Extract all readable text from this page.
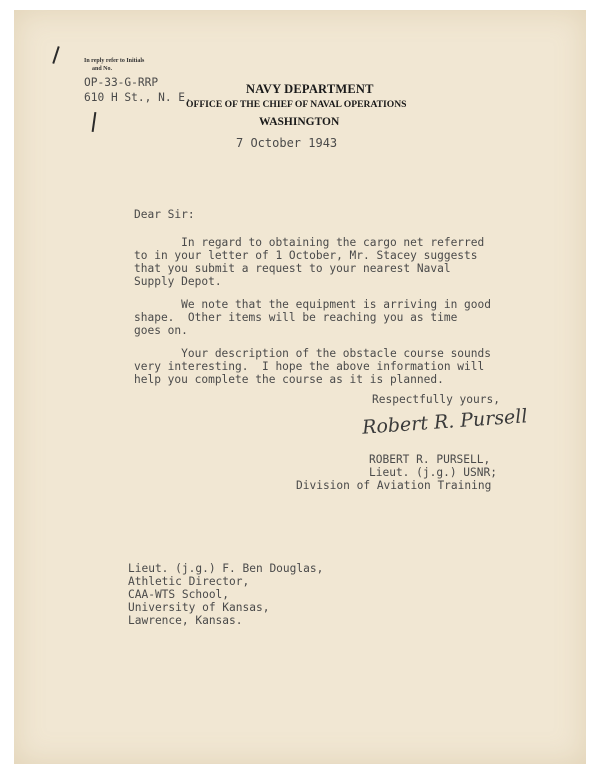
In reply refer to Initials
and No.
OP-33-G-RRP
610 H St., N. E.
NAVY DEPARTMENT
OFFICE OF THE CHIEF OF NAVAL OPERATIONS
WASHINGTON
7 October 1943
Dear Sir:
In regard to obtaining the cargo net referred
to in your letter of 1 October, Mr. Stacey suggests
that you submit a request to your nearest Naval
Supply Depot.
We note that the equipment is arriving in good
shape.  Other items will be reaching you as time
goes on.
Your description of the obstacle course sounds
very interesting.  I hope the above information will
help you complete the course as it is planned.
Respectfully yours,
Robert R. Pursell
ROBERT R. PURSELL,
Lieut. (j.g.) USNR;
Division of Aviation Training
Lieut. (j.g.) F. Ben Douglas,
Athletic Director,
CAA-WTS School,
University of Kansas,
Lawrence, Kansas.
